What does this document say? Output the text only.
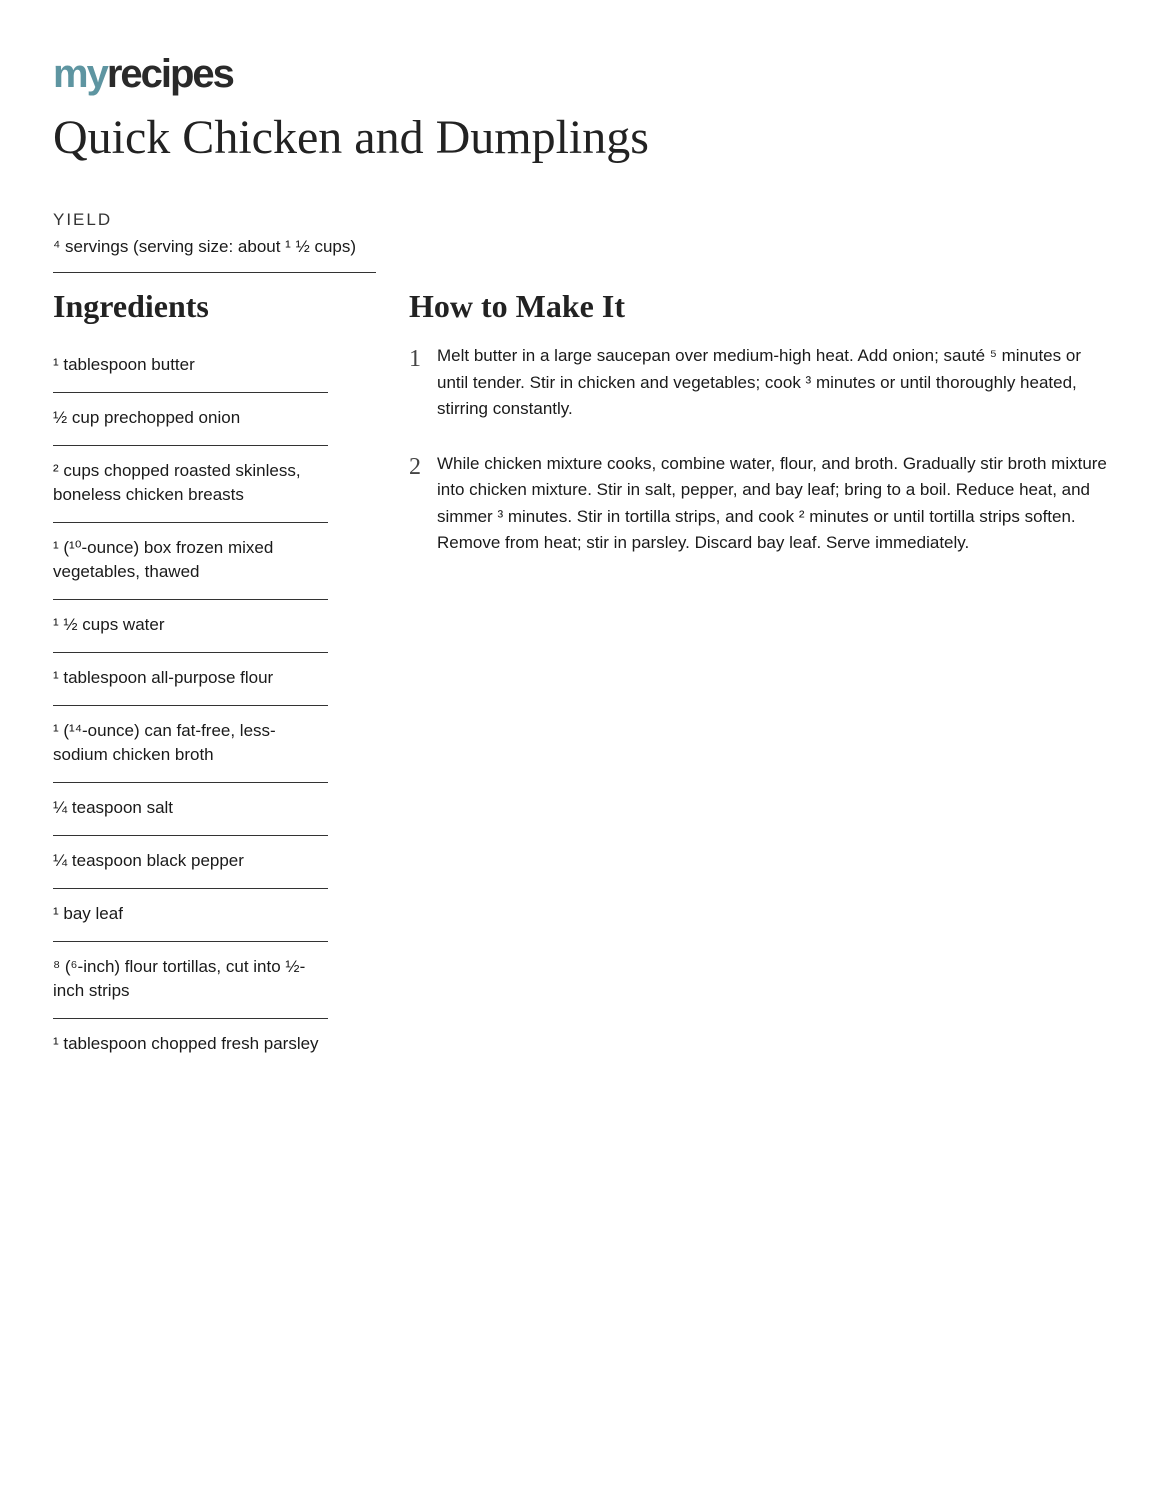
myrecipes
Quick Chicken and Dumplings
YIELD
⁴ servings (serving size: about ¹ ½ cups)
Ingredients
¹ tablespoon butter
½ cup prechopped onion
² cups chopped roasted skinless, boneless chicken breasts
¹ (¹⁰-ounce) box frozen mixed vegetables, thawed
¹ ½ cups water
¹ tablespoon all-purpose flour
¹ (¹⁴-ounce) can fat-free, less-sodium chicken broth
¼ teaspoon salt
¼ teaspoon black pepper
¹ bay leaf
⁸ (⁶-inch) flour tortillas, cut into ½-inch strips
¹ tablespoon chopped fresh parsley
How to Make It
1 Melt butter in a large saucepan over medium-high heat. Add onion; sauté ⁵ minutes or until tender. Stir in chicken and vegetables; cook ³ minutes or until thoroughly heated, stirring constantly.

2 While chicken mixture cooks, combine water, flour, and broth. Gradually stir broth mixture into chicken mixture. Stir in salt, pepper, and bay leaf; bring to a boil. Reduce heat, and simmer ³ minutes. Stir in tortilla strips, and cook ² minutes or until tortilla strips soften. Remove from heat; stir in parsley. Discard bay leaf. Serve immediately.
